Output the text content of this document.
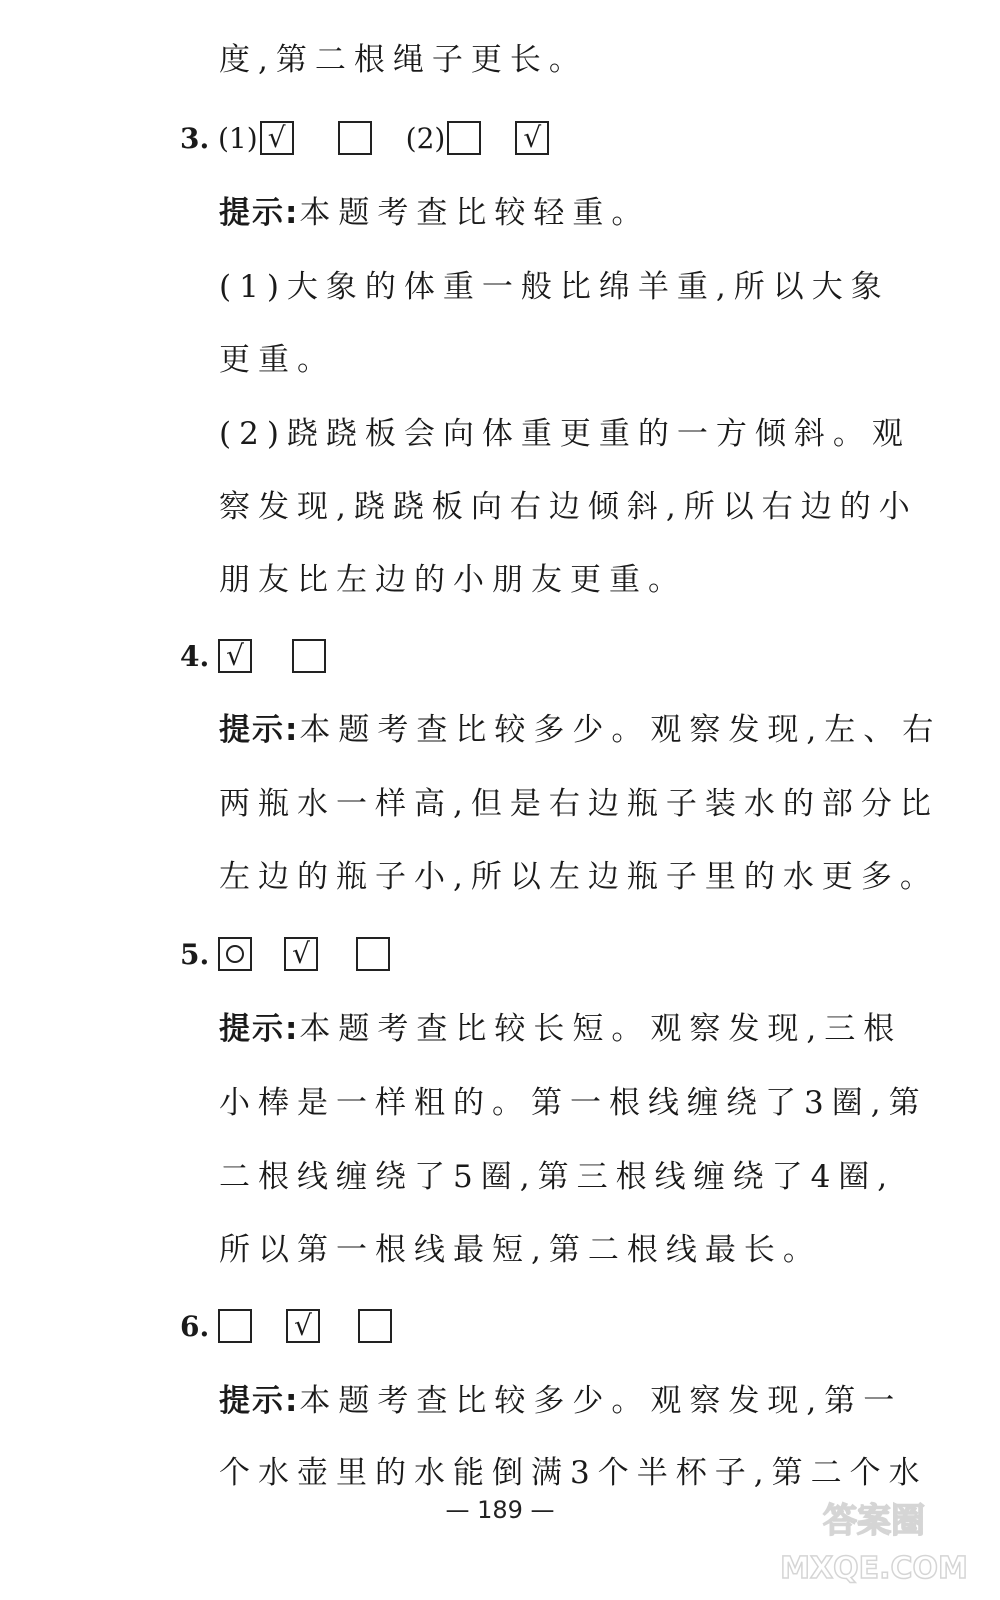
度,第二根绳子更长。
3. (1) √	(2)	√
提示:本题考查比较轻重。
(1)大象的体重一般比绵羊重,所以大象
更重。
(2)跷跷板会向体重更重的一方倾斜。观
察发现,跷跷板向右边倾斜,所以右边的小
朋友比左边的小朋友更重。
4. √
提示:本题考查比较多少。观察发现,左、右
两瓶水一样高,但是右边瓶子装水的部分比
左边的瓶子小,所以左边瓶子里的水更多。
5.	√
提示:本题考查比较长短。观察发现,三根
小棒是一样粗的。第一根线缠绕了3圈,第
二根线缠绕了5圈,第三根线缠绕了4圈,
所以第一根线最短,第二根线最长。
6.	√
提示:本题考查比较多少。观察发现,第一
个水壶里的水能倒满3个半杯子,第二个水
— 189 —	答案圈
MXQE.COM
